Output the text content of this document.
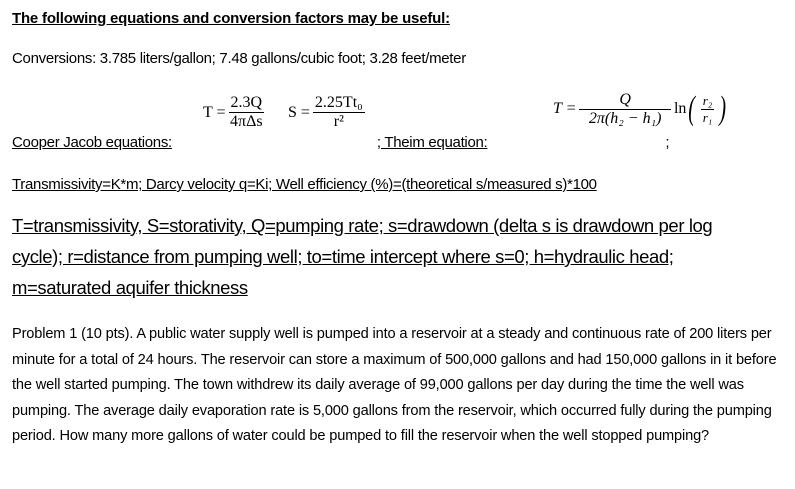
The following equations and conversion factors may be useful:
Conversions: 3.785 liters/gallon; 7.48 gallons/cubic foot; 3.28 feet/meter
Cooper Jacob equations:	; Theim equation:	;
$T = \frac{2.3Q}{\text{4πΔs}}$ $S = \frac{\text{2.25Tt₀}}{\text{r²}}$	$T = \frac{Q}{\text{2π(h₂ − h₁)}}$ ln ( $\frac{\text{r₂}}{\text{r₁}}$ )
Transmissivity=K*m; Darcy velocity q=Ki; Well efficiency (%)=(theoretical s/measured s)*100
T=transmissivity, S=storativity, Q=pumping rate; s=drawdown (delta s is drawdown per log
cycle); r=distance from pumping well; to=time intercept where s=0; h=hydraulic head;
m=saturated aquifer thickness
Problem 1 (10 pts). A public water supply well is pumped into a reservoir at a steady and continuous rate of 200 liters per minute for a total of 24 hours. The reservoir can store a maximum of 500,000 gallons and had 150,000 gallons in it before the well started pumping. The town withdrew its daily average of 99,000 gallons per day during the time the well was pumping. The average daily evaporation rate is 5,000 gallons from the reservoir, which occurred fully during the pumping period. How many more gallons of water could be pumped to fill the reservoir when the well stopped pumping?
